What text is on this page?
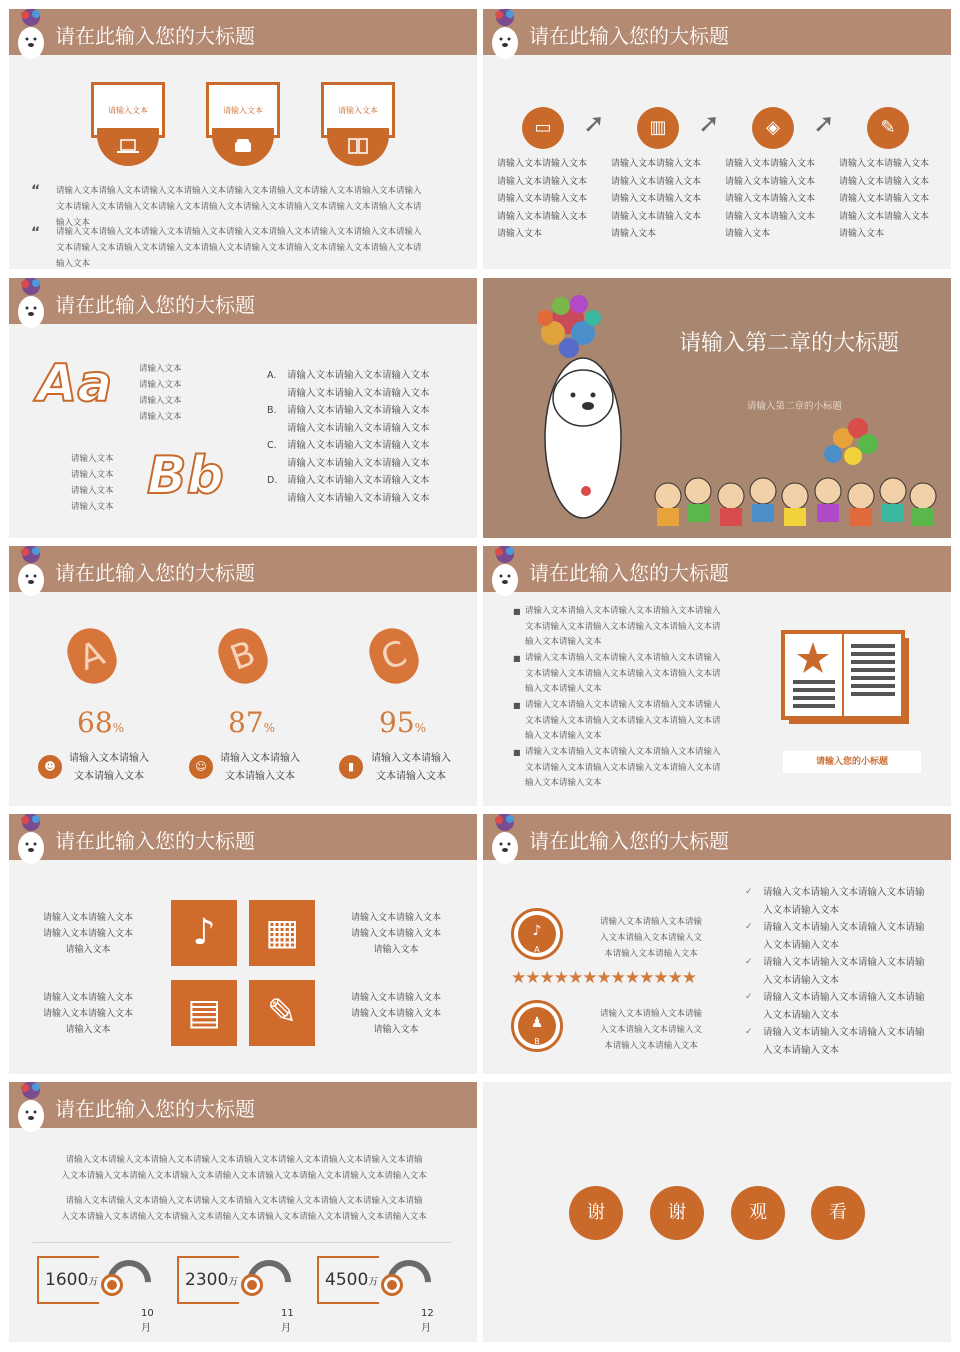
请在此输入您的大标题
请输入文本	请输入文本	请输入文本
“ 请输入文本请输入文本请输入文本请输入文本请输入文本请输入文本请输入文本请输入文本请输入文本请输入文本请输入文本请输入文本请输入文本请输入文本请输入文本请输入文本请输入文本请输入文本
“ 请输入文本请输入文本请输入文本请输入文本请输入文本请输入文本请输入文本请输入文本请输入文本请输入文本请输入文本请输入文本请输入文本请输入文本请输入文本请输入文本请输入文本请输入文本
请在此输入您的大标题
▭	➚	▥	➚	◈	➚	✎
请输入文本请输入文本请输入文本请输入文本请输入文本请输入文本请输入文本请输入文本请输入文本
请输入文本请输入文本请输入文本请输入文本请输入文本请输入文本请输入文本请输入文本请输入文本
请输入文本请输入文本请输入文本请输入文本请输入文本请输入文本请输入文本请输入文本请输入文本
请输入文本请输入文本请输入文本请输入文本请输入文本请输入文本请输入文本请输入文本请输入文本
请在此输入您的大标题
Aa	请输入文本
请输入文本
请输入文本
请输入文本
请输入文本
请输入文本
请输入文本
请输入文本
Bb
A. 请输入文本请输入文本请输入文本
请输入文本请输入文本请输入文本
B. 请输入文本请输入文本请输入文本
请输入文本请输入文本请输入文本
C. 请输入文本请输入文本请输入文本
请输入文本请输入文本请输入文本
D. 请输入文本请输入文本请输入文本
请输入文本请输入文本请输入文本
请输入第二章的大标题
请输入第二章的小标题
请在此输入您的大标题
A	B	C
68%	87%	95%
☻
请输入文本请输入
文本请输入文本
☺
请输入文本请输入
文本请输入文本
▮
请输入文本请输入
文本请输入文本
请在此输入您的大标题
■ 请输入文本请输入文本请输入文本请输入文本请输入文本请输入文本请输入文本请输入文本请输入文本请输入文本请输入文本
■ 请输入文本请输入文本请输入文本请输入文本请输入文本请输入文本请输入文本请输入文本请输入文本请输入文本请输入文本
■ 请输入文本请输入文本请输入文本请输入文本请输入文本请输入文本请输入文本请输入文本请输入文本请输入文本请输入文本
■ 请输入文本请输入文本请输入文本请输入文本请输入文本请输入文本请输入文本请输入文本请输入文本请输入文本请输入文本
请输入您的小标题
请在此输入您的大标题
请输入文本请输入文本
请输入文本请输入文本
请输入文本
请输入文本请输入文本
请输入文本请输入文本
请输入文本
♪	▦
▤	✎
请输入文本请输入文本
请输入文本请输入文本
请输入文本
请输入文本请输入文本
请输入文本请输入文本
请输入文本
请在此输入您的大标题
♪
A
请输入文本请输入文本请输
入文本请输入文本请输入文
本请输入文本请输入文本
★★★★★★★★★★★★★
♟
B
请输入文本请输入文本请输
入文本请输入文本请输入文
本请输入文本请输入文本
✓ 请输入文本请输入文本请输入文本请输
入文本请输入文本
✓ 请输入文本请输入文本请输入文本请输
入文本请输入文本
✓ 请输入文本请输入文本请输入文本请输
入文本请输入文本
✓ 请输入文本请输入文本请输入文本请输
入文本请输入文本
✓ 请输入文本请输入文本请输入文本请输
入文本请输入文本
请在此输入您的大标题
请输入文本请输入文本请输入文本请输入文本请输入文本请输入文本请输入文本请输入文本请输
入文本请输入文本请输入文本请输入文本请输入文本请输入文本请输入文本请输入文本请输入文本
请输入文本请输入文本请输入文本请输入文本请输入文本请输入文本请输入文本请输入文本请输
入文本请输入文本请输入文本请输入文本请输入文本请输入文本请输入文本请输入文本请输入文本
1600万
10月
2300万
11月
4500万
12月
谢	谢	观	看
